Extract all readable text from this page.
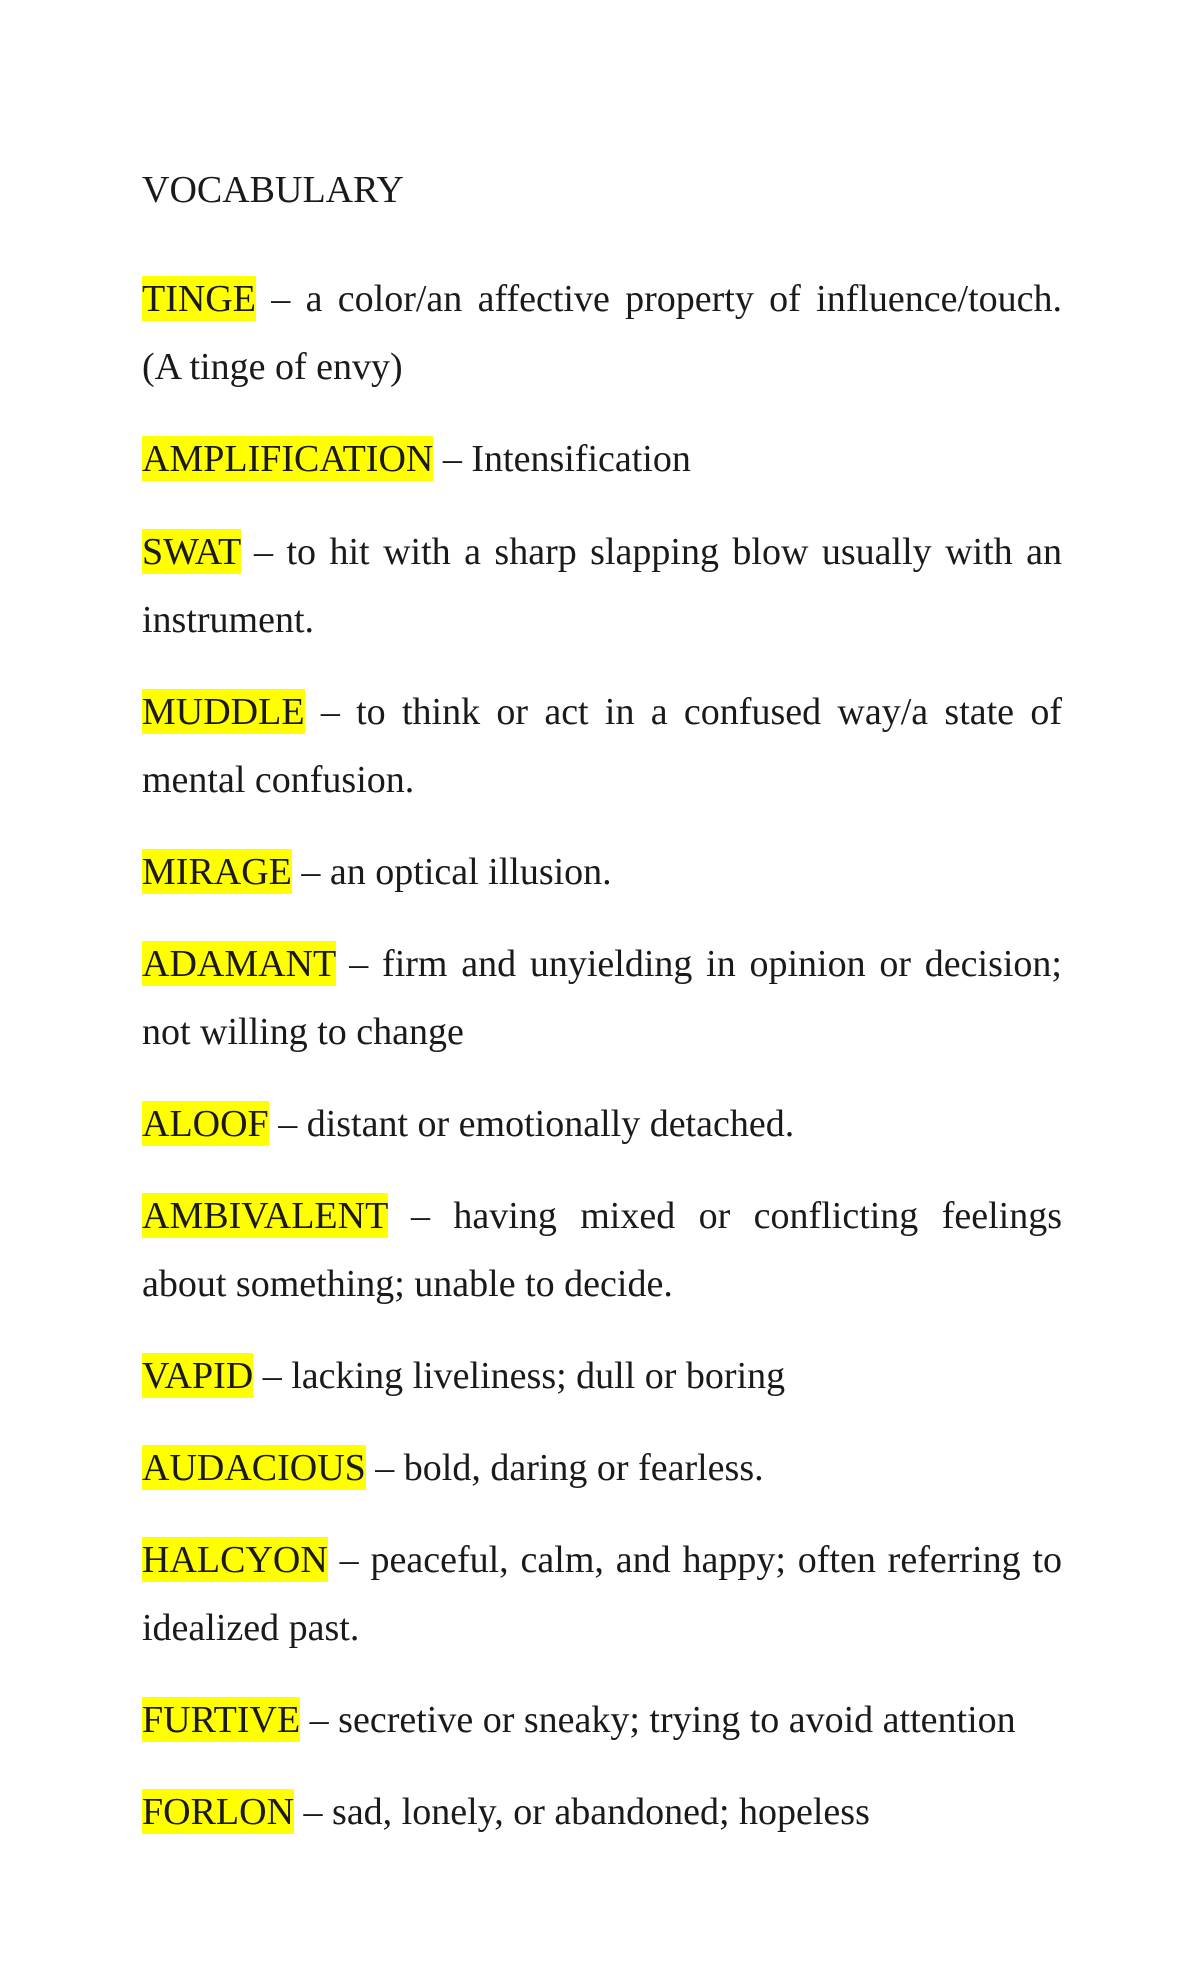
VOCABULARY

TINGE – a color/an affective property of influence/touch. (A tinge of envy)

AMPLIFICATION – Intensification

SWAT – to hit with a sharp slapping blow usually with an instrument.

MUDDLE – to think or act in a confused way/a state of mental confusion.

MIRAGE – an optical illusion.

ADAMANT – firm and unyielding in opinion or decision; not willing to change

ALOOF – distant or emotionally detached.

AMBIVALENT – having mixed or conflicting feelings about something; unable to decide.

VAPID – lacking liveliness; dull or boring

AUDACIOUS – bold, daring or fearless.

HALCYON – peaceful, calm, and happy; often referring to idealized past.

FURTIVE – secretive or sneaky; trying to avoid attention

FORLON – sad, lonely, or abandoned; hopeless
